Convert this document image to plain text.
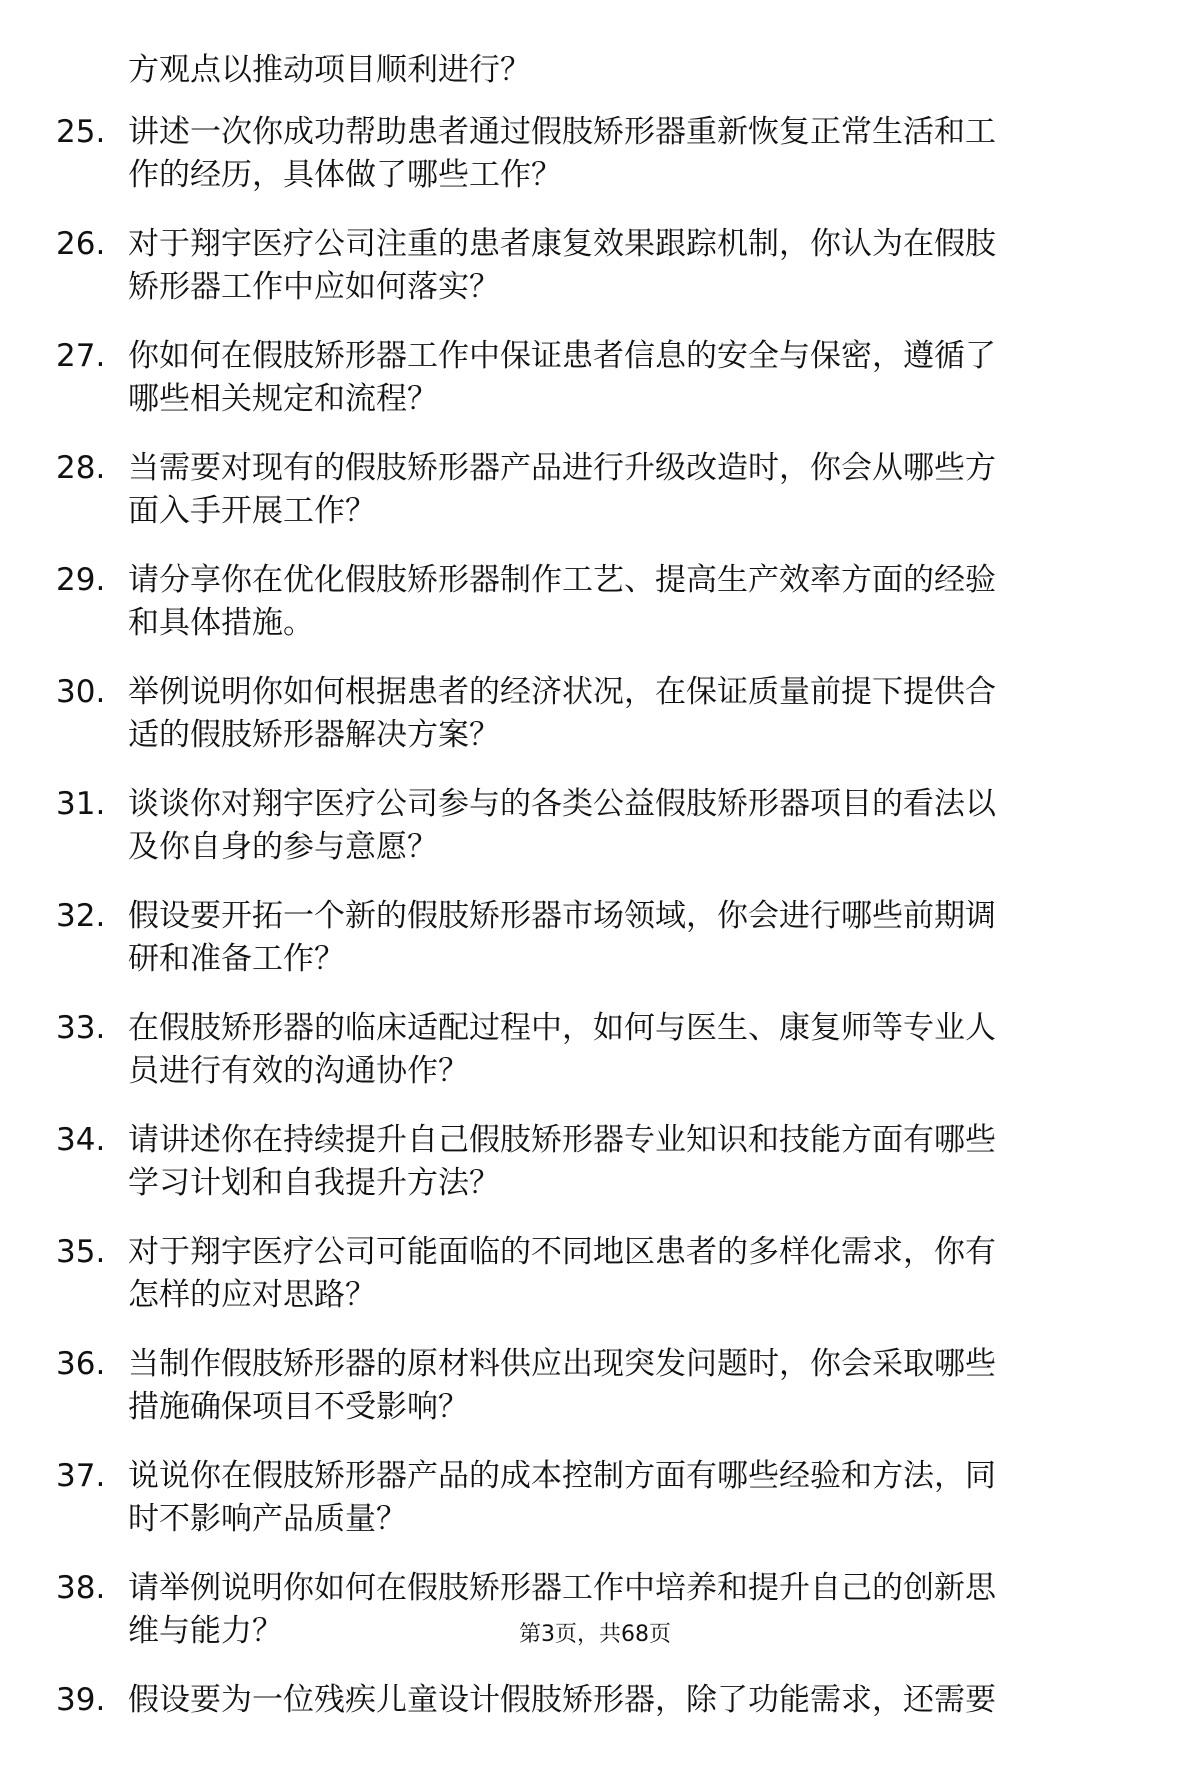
方观点以推动项目顺利进行？
25. 讲述一次你成功帮助患者通过假肢矫形器重新恢复正常生活和工
作的经历，具体做了哪些工作？
26. 对于翔宇医疗公司注重的患者康复效果跟踪机制，你认为在假肢
矫形器工作中应如何落实？
27. 你如何在假肢矫形器工作中保证患者信息的安全与保密，遵循了
哪些相关规定和流程？
28. 当需要对现有的假肢矫形器产品进行升级改造时，你会从哪些方
面入手开展工作？
29. 请分享你在优化假肢矫形器制作工艺、提高生产效率方面的经验
和具体措施。
30. 举例说明你如何根据患者的经济状况，在保证质量前提下提供合
适的假肢矫形器解决方案？
31. 谈谈你对翔宇医疗公司参与的各类公益假肢矫形器项目的看法以
及你自身的参与意愿？
32. 假设要开拓一个新的假肢矫形器市场领域，你会进行哪些前期调
研和准备工作？
33. 在假肢矫形器的临床适配过程中，如何与医生、康复师等专业人
员进行有效的沟通协作？
34. 请讲述你在持续提升自己假肢矫形器专业知识和技能方面有哪些
学习计划和自我提升方法？
35. 对于翔宇医疗公司可能面临的不同地区患者的多样化需求，你有
怎样的应对思路？
36. 当制作假肢矫形器的原材料供应出现突发问题时，你会采取哪些
措施确保项目不受影响？
37. 说说你在假肢矫形器产品的成本控制方面有哪些经验和方法，同
时不影响产品质量？
38. 请举例说明你如何在假肢矫形器工作中培养和提升自己的创新思
维与能力？
39. 假设要为一位残疾儿童设计假肢矫形器，除了功能需求，还需要
第3页，共68页
